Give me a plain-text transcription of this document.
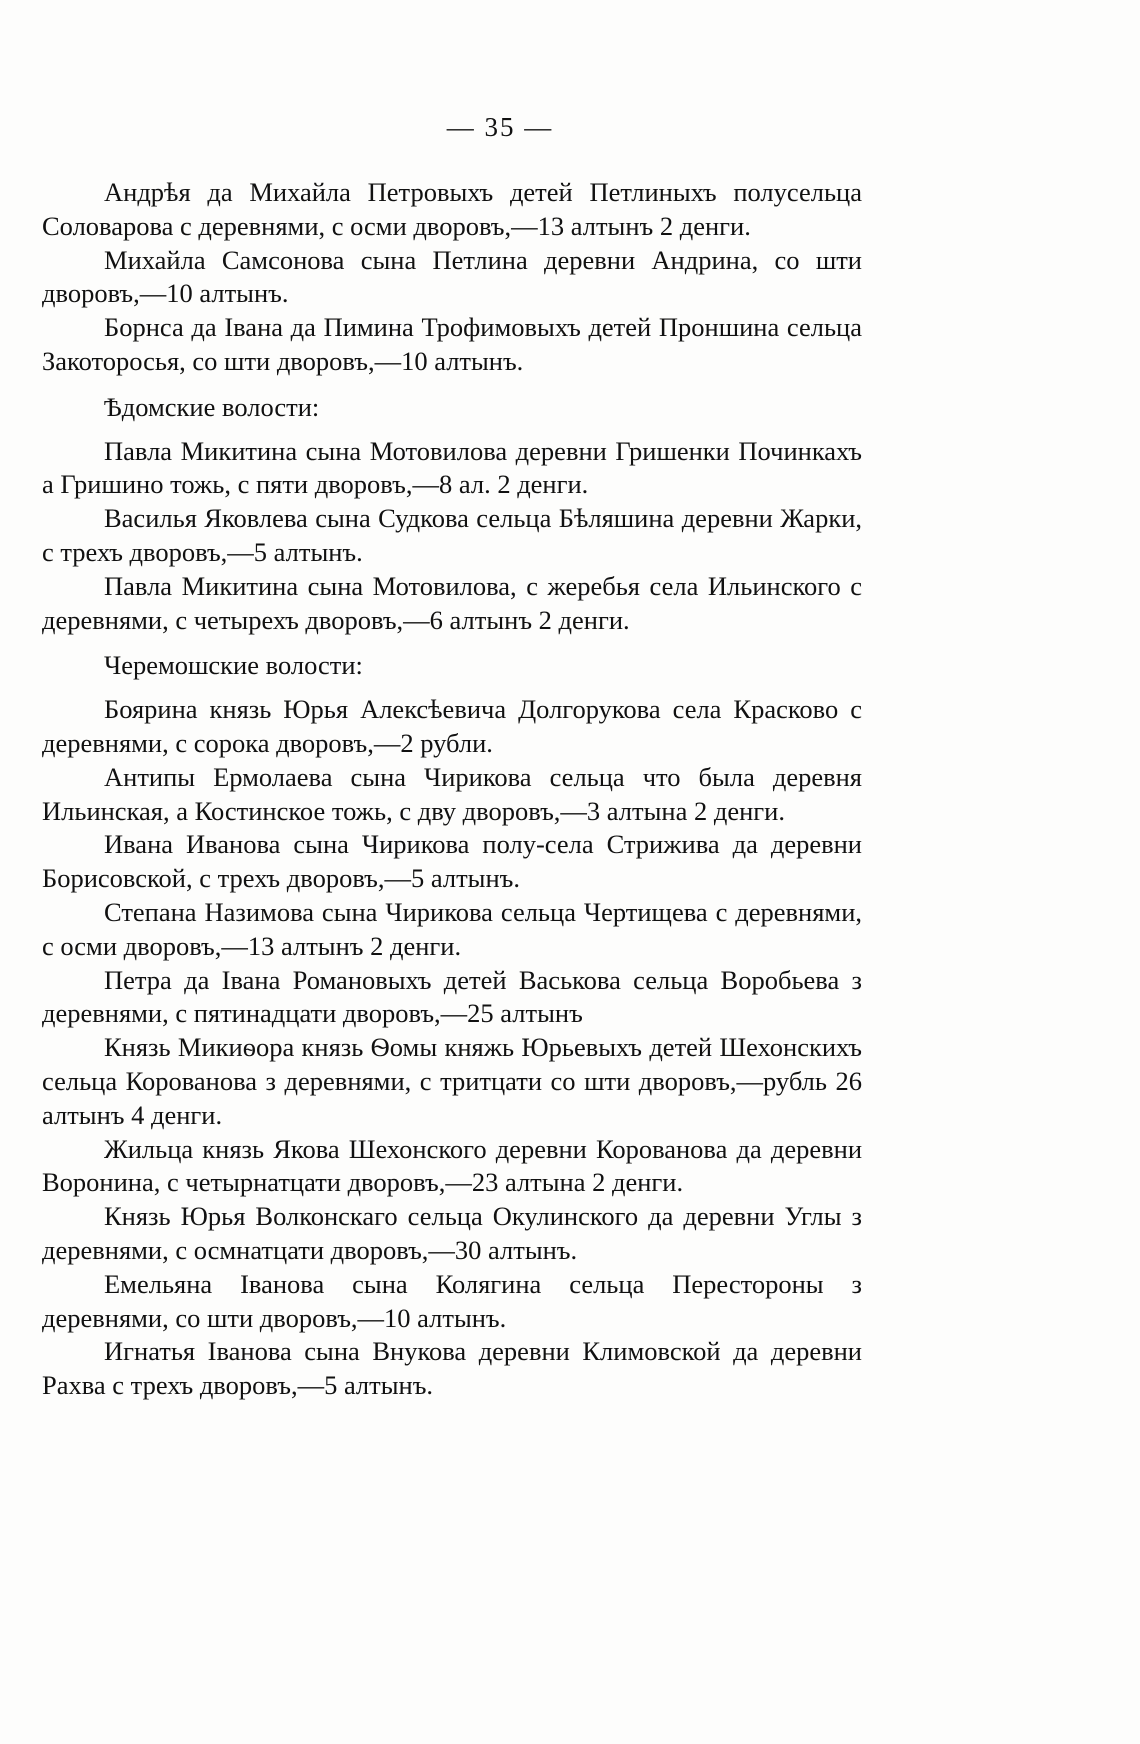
— 35 —

Андрѣя да Михайла Петровыхъ детей Петлиныхъ полусельца Соловарова с деревнями, с осми дворовъ,—13 алтынъ 2 денги.

Михайла Самсонова сына Петлина деревни Андрина, со шти дворовъ,—10 алтынъ.

Борнса да Івана да Пимина Трофимовыхъ детей Проншина сельца Закоторосья, со шти дворовъ,—10 алтынъ.

Ѣдомские волости:

Павла Микитина сына Мотовилова деревни Гришенки Починкахъ а Гришино тожь, с пяти дворовъ,—8 ал. 2 денги.

Василья Яковлева сына Судкова сельца Бѣляшина деревни Жарки, с трехъ дворовъ,—5 алтынъ.

Павла Микитина сына Мотовилова, с жеребья села Ильинского с деревнями, с четырехъ дворовъ,—6 алтынъ 2 денги.

Черемошские волости:

Боярина князь Юрья Алексѣевича Долгорукова села Красково с деревнями, с сорока дворовъ,—2 рубли.

Антипы Ермолаева сына Чирикова сельца что была деревня Ильинская, а Костинское тожь, с дву дворовъ,—3 алтына 2 денги.

Ивана Иванова сына Чирикова полу-села Стрижива да деревни Борисовской, с трехъ дворовъ,—5 алтынъ.

Степана Назимова сына Чирикова сельца Чертищева с деревнями, с осми дворовъ,—13 алтынъ 2 денги.

Петра да Івана Романовыхъ детей Васькова сельца Воробьева з деревнями, с пятинадцати дворовъ,—25 алтынъ

Князь Микиѳора князь Ѳомы княжь Юрьевыхъ детей Шехонскихъ сельца Корованова з деревнями, с тритцати со шти дворовъ,—рубль 26 алтынъ 4 денги.

Жильца князь Якова Шехонского деревни Корованова да деревни Воронина, с четырнатцати дворовъ,—23 алтына 2 денги.

Князь Юрья Волконскаго сельца Окулинского да деревни Углы з деревнями, с осмнатцати дворовъ,—30 алтынъ.

Емельяна Іванова сына Колягина сельца Перестороны з деревнями, со шти дворовъ,—10 алтынъ.

Игнатья Іванова сына Внукова деревни Климовской да деревни Рахва с трехъ дворовъ,—5 алтынъ.
